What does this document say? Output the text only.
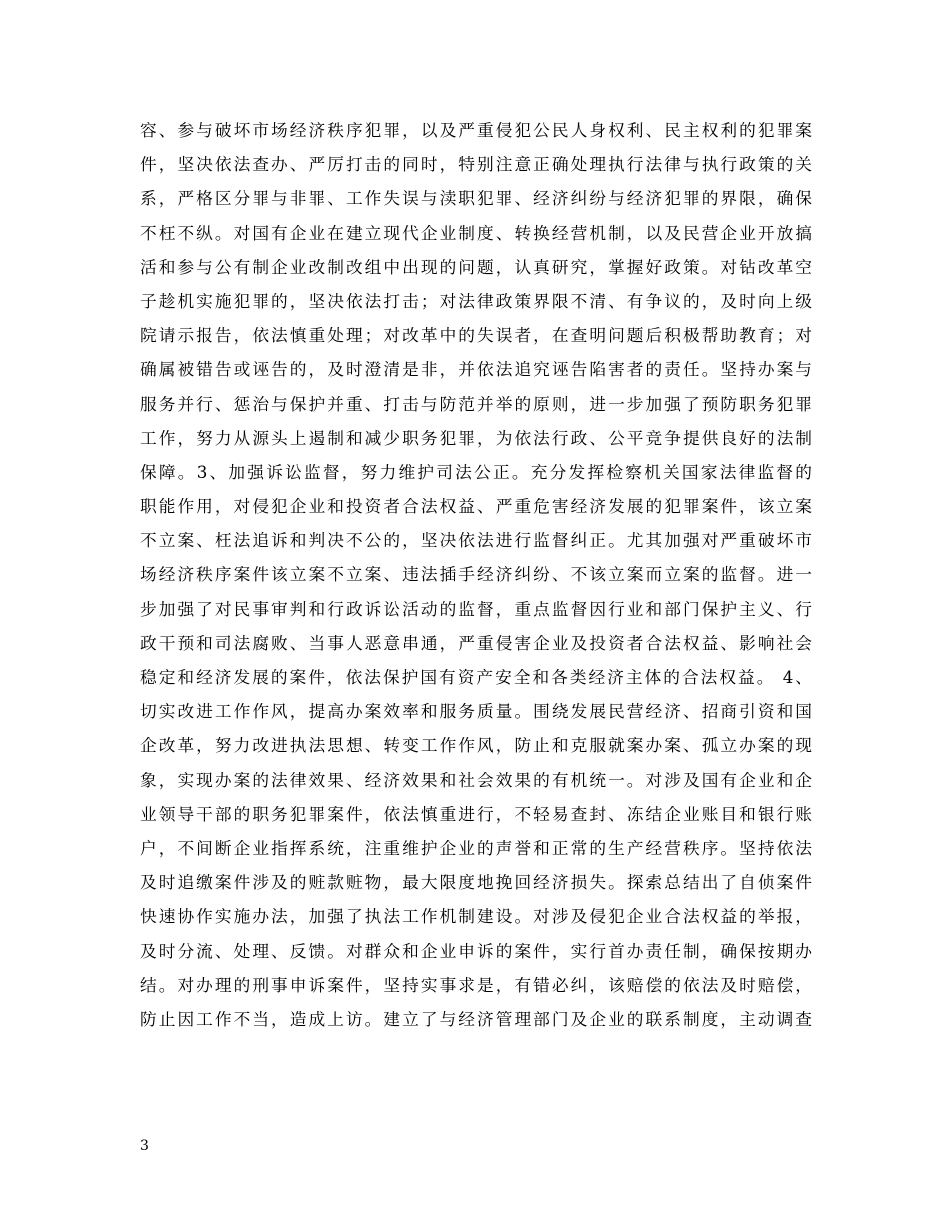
容、参与破坏市场经济秩序犯罪，以及严重侵犯公民人身权利、民主权利的犯罪案
件，坚决依法查办、严厉打击的同时，特别注意正确处理执行法律与执行政策的关
系，严格区分罪与非罪、工作失误与渎职犯罪、经济纠纷与经济犯罪的界限，确保
不枉不纵。对国有企业在建立现代企业制度、转换经营机制，以及民营企业开放搞
活和参与公有制企业改制改组中出现的问题，认真研究，掌握好政策。对钻改革空
子趁机实施犯罪的，坚决依法打击；对法律政策界限不清、有争议的，及时向上级
院请示报告，依法慎重处理；对改革中的失误者，在查明问题后积极帮助教育；对
确属被错告或诬告的，及时澄清是非，并依法追究诬告陷害者的责任。坚持办案与
服务并行、惩治与保护并重、打击与防范并举的原则，进一步加强了预防职务犯罪
工作，努力从源头上遏制和减少职务犯罪，为依法行政、公平竞争提供良好的法制
保障。3、加强诉讼监督，努力维护司法公正。充分发挥检察机关国家法律监督的
职能作用，对侵犯企业和投资者合法权益、严重危害经济发展的犯罪案件，该立案
不立案、枉法追诉和判决不公的，坚决依法进行监督纠正。尤其加强对严重破坏市
场经济秩序案件该立案不立案、违法插手经济纠纷、不该立案而立案的监督。进一
步加强了对民事审判和行政诉讼活动的监督，重点监督因行业和部门保护主义、行
政干预和司法腐败、当事人恶意串通，严重侵害企业及投资者合法权益、影响社会
稳定和经济发展的案件，依法保护国有资产安全和各类经济主体的合法权益。 4、
切实改进工作作风，提高办案效率和服务质量。围绕发展民营经济、招商引资和国
企改革，努力改进执法思想、转变工作作风，防止和克服就案办案、孤立办案的现
象，实现办案的法律效果、经济效果和社会效果的有机统一。对涉及国有企业和企
业领导干部的职务犯罪案件，依法慎重进行，不轻易查封、冻结企业账目和银行账
户，不间断企业指挥系统，注重维护企业的声誉和正常的生产经营秩序。坚持依法
及时追缴案件涉及的赃款赃物，最大限度地挽回经济损失。探索总结出了自侦案件
快速协作实施办法，加强了执法工作机制建设。对涉及侵犯企业合法权益的举报，
及时分流、处理、反馈。对群众和企业申诉的案件，实行首办责任制，确保按期办
结。对办理的刑事申诉案件，坚持实事求是，有错必纠，该赔偿的依法及时赔偿，
防止因工作不当，造成上访。建立了与经济管理部门及企业的联系制度，主动调查
3
